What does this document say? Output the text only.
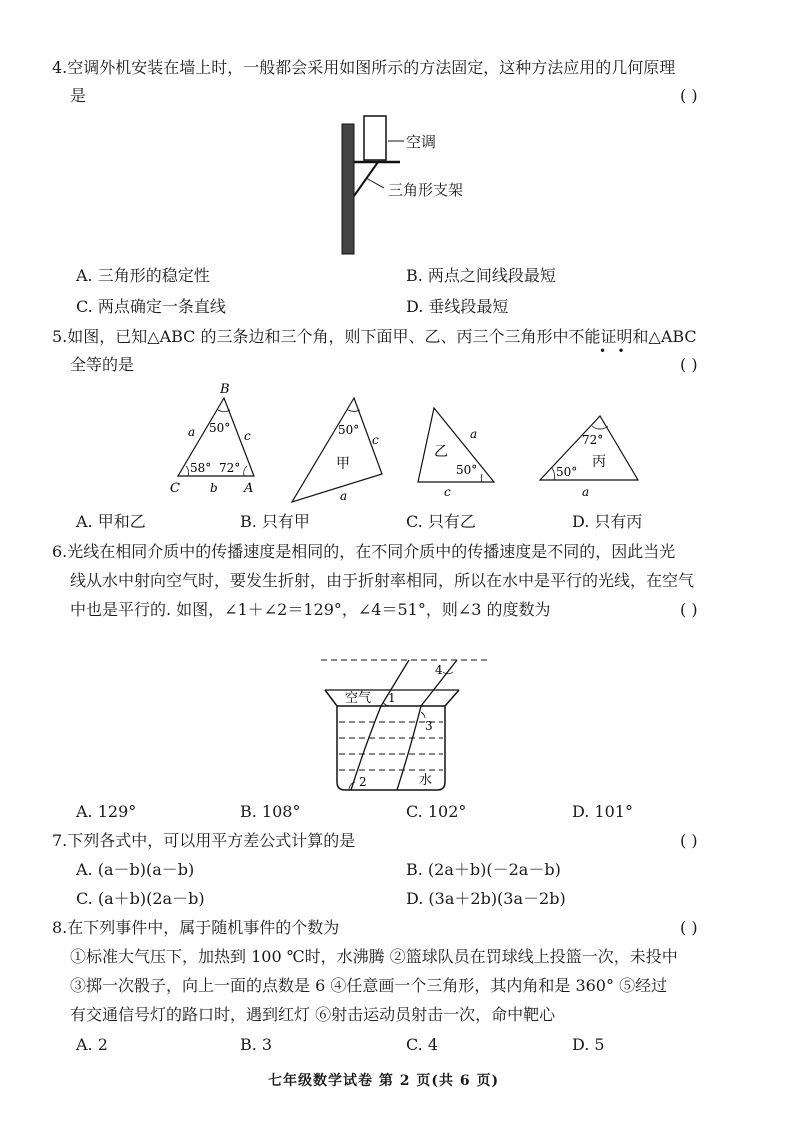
4.空调外机安装在墙上时，一般都会采用如图所示的方法固定，这种方法应用的几何原理
是	( )
空调
三角形支架
A. 三角形的稳定性	B. 两点之间线段最短
C. 两点确定一条直线	D. 垂线段最短
5.如图，已知△ABC 的三条边和三个角，则下面甲、乙、丙三个三角形中不能证明和△ABC
•   •
全等的是	( )
B
C	A
a
b
c
50°
58° 72°
50°
甲
c
a
乙
a
50°
c
72°
丙
50°
a
A. 甲和乙	B. 只有甲	C. 只有乙	D. 只有丙
6.光线在相同介质中的传播速度是相同的，在不同介质中的传播速度是不同的，因此当光
线从水中射向空气时，要发生折射，由于折射率相同，所以在水中是平行的光线，在空气
中也是平行的. 如图，∠1＋∠2＝129°，∠4＝51°，则∠3 的度数为	( )
空气
水
1
2
3
4
A. 129°	B. 108°	C. 102°	D. 101°
7.下列各式中，可以用平方差公式计算的是	( )
A. (a－b)(a－b)	B. (2a＋b)(－2a－b)
C. (a＋b)(2a－b)	D. (3a＋2b)(3a－2b)
8.在下列事件中，属于随机事件的个数为	( )
①标准大气压下，加热到 100 ℃时，水沸腾 ②篮球队员在罚球线上投篮一次，未投中
③掷一次骰子，向上一面的点数是 6 ④任意画一个三角形，其内角和是 360° ⑤经过
有交通信号灯的路口时，遇到红灯 ⑥射击运动员射击一次，命中靶心
A. 2	B. 3	C. 4	D. 5
七年级数学试卷 第 2 页(共 6 页)
